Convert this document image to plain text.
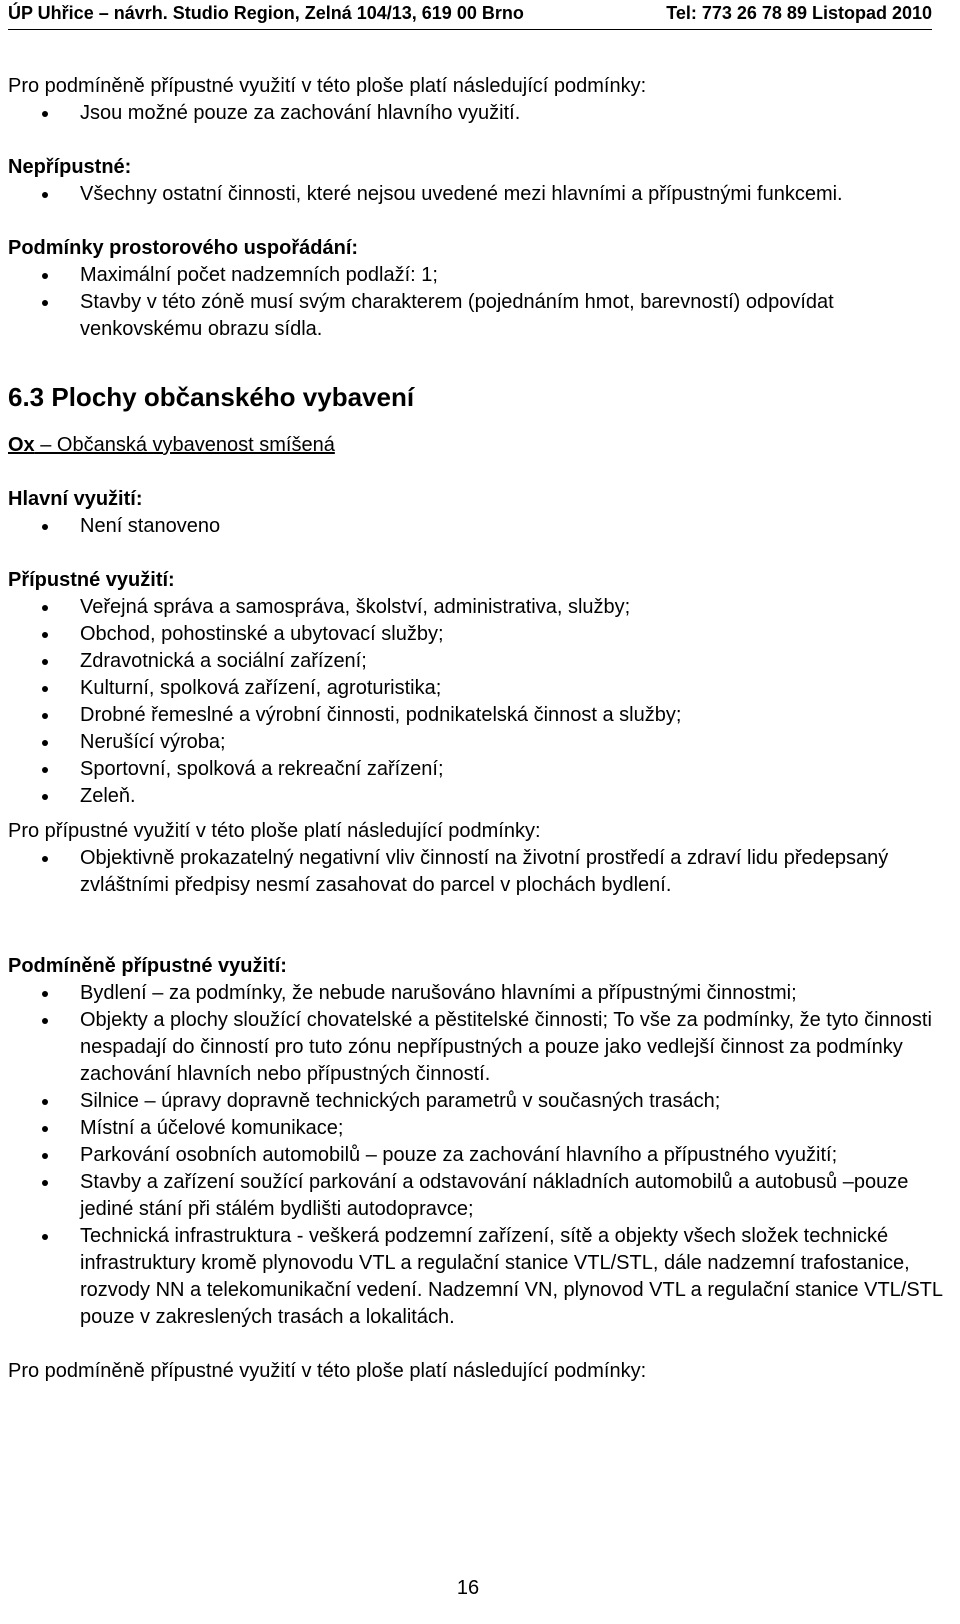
ÚP Uhřice – návrh. Studio Region, Zelná 104/13, 619 00 Brno	Tel: 773 26 78 89 Listopad 2010

Pro podmíněně přípustné využití v této ploše platí následující podmínky:

Jsou možné pouze za zachování hlavního využití.

Nepřípustné:

Všechny ostatní činnosti, které nejsou uvedené mezi hlavními a přípustnými funkcemi.

Podmínky prostorového uspořádání:

Maximální počet nadzemních podlaží: 1;
Stavby v této zóně musí svým charakterem (pojednáním hmot, barevností) odpovídat venkovskému obrazu sídla.

6.3 Plochy občanského vybavení

Ox – Občanská vybavenost smíšená

Hlavní využití:

Není stanoveno

Přípustné využití:

Veřejná správa a samospráva, školství, administrativa, služby;
Obchod, pohostinské a ubytovací služby;
Zdravotnická a sociální zařízení;
Kulturní, spolková zařízení, agroturistika;
Drobné řemeslné a výrobní činnosti, podnikatelská činnost a služby;
Nerušící výroba;
Sportovní, spolková a rekreační zařízení;
Zeleň.

Pro přípustné využití v této ploše platí následující podmínky:

Objektivně prokazatelný negativní vliv činností na životní prostředí a zdraví lidu předepsaný zvláštními předpisy nesmí zasahovat do parcel v plochách bydlení.

Podmíněně přípustné využití:

Bydlení – za podmínky, že nebude narušováno hlavními a přípustnými činnostmi;
Objekty a plochy sloužící chovatelské a pěstitelské činnosti; To vše za podmínky, že tyto činnosti nespadají do činností pro tuto zónu nepřípustných a pouze jako vedlejší činnost za podmínky zachování hlavních nebo přípustných činností.
Silnice – úpravy dopravně technických parametrů v současných trasách;
Místní a účelové komunikace;
Parkování osobních automobilů – pouze za zachování hlavního a přípustného využití;
Stavby a zařízení soužící parkování a odstavování nákladních automobilů a autobusů –pouze jediné stání při stálém bydlišti autodopravce;
Technická infrastruktura - veškerá podzemní zařízení, sítě a objekty všech složek technické infrastruktury kromě plynovodu VTL a regulační stanice VTL/STL, dále nadzemní trafostanice, rozvody NN a telekomunikační vedení. Nadzemní VN, plynovod VTL a regulační stanice VTL/STL pouze v zakreslených trasách a lokalitách.

Pro podmíněně přípustné využití v této ploše platí následující podmínky:

16
